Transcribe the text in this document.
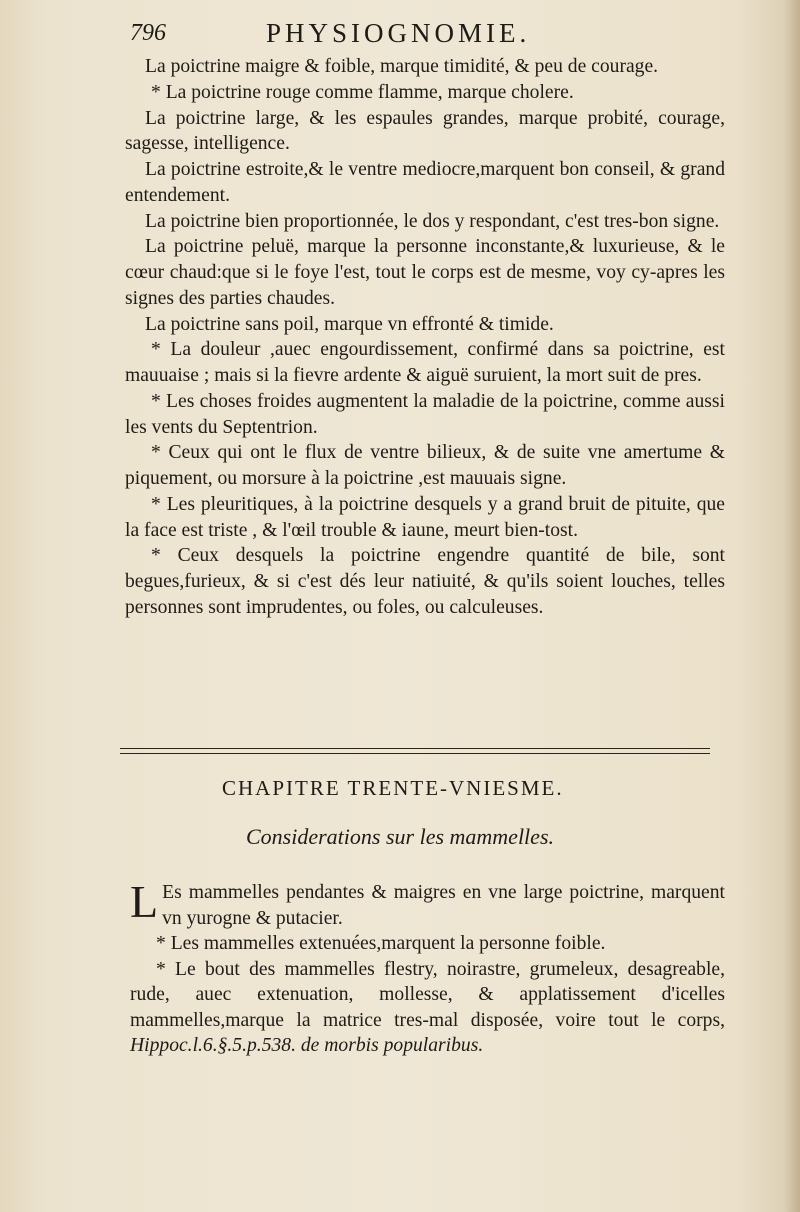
796	PHYSIOGNOMIE.

La poictrine maigre & foible, marque timidité, & peu de courage.

* La poictrine rouge comme flamme, marque cholere.

La poictrine large, & les espaules grandes, marque probité, courage, sagesse, intelligence.

La poictrine estroite,& le ventre mediocre,marquent bon conseil, & grand entendement.

La poictrine bien proportionnée, le dos y respondant, c'est tres-bon signe.

La poictrine peluë, marque la personne inconstante,& luxurieuse, & le cœur chaud:que si le foye l'est, tout le corps est de mesme, voy cy-apres les signes des parties chaudes.

La poictrine sans poil, marque vn effronté & timide.

* La douleur ,auec engourdissement, confirmé dans sa poictrine, est mauuaise ; mais si la fievre ardente & aiguë suruient, la mort suit de pres.

* Les choses froides augmentent la maladie de la poictrine, comme aussi les vents du Septentrion.

* Ceux qui ont le flux de ventre bilieux, & de suite vne amertume & piquement, ou morsure à la poictrine ,est mauuais signe.

* Les pleuritiques, à la poictrine desquels y a grand bruit de pituite, que la face est triste , & l'œil trouble & iaune, meurt bien-tost.

* Ceux desquels la poictrine engendre quantité de bile, sont begues,furieux, & si c'est dés leur natiuité, & qu'ils soient louches, telles personnes sont imprudentes, ou foles, ou calculeuses.

CHAPITRE TRENTE-VNIESME.
Considerations sur les mammelles.

L Es mammelles pendantes & maigres en vne large poictrine, marquent vn yurogne & putacier.

* Les mammelles extenuées,marquent la personne foible.

* Le bout des mammelles flestry, noirastre, grumeleux, desagreable, rude, auec extenuation, mollesse, & applatissement d'icelles mammelles,marque la matrice tres-mal disposée, voire tout le corps, Hippoc.l.6.§.5.p.538. de morbis popularibus.
